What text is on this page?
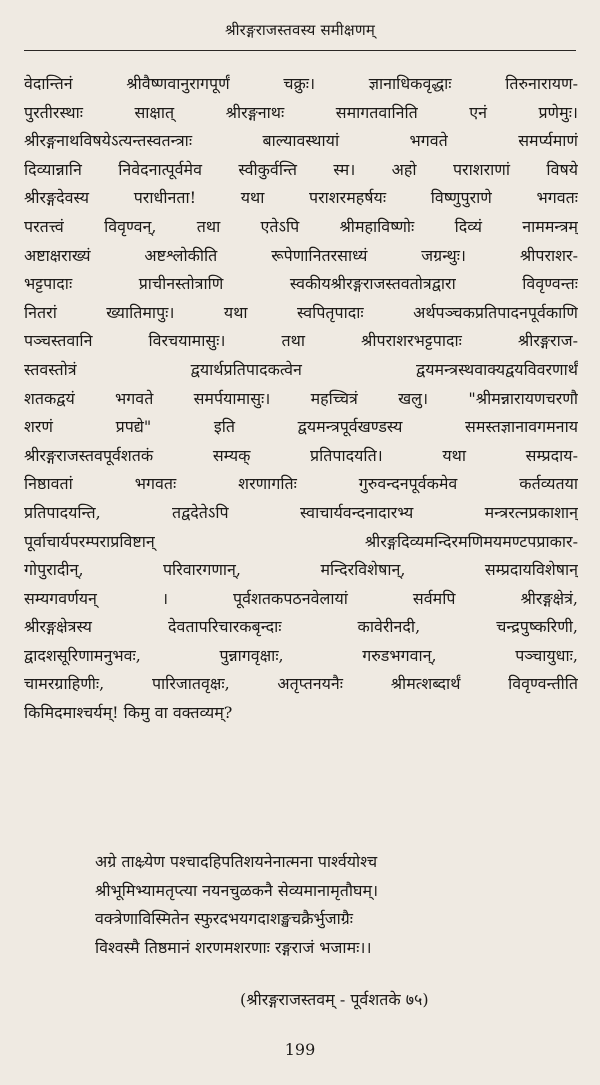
श्रीरङ्गराजस्तवस्य समीक्षणम्
वेदान्तिनं श्रीवैष्णवानुरागपूर्णं चक्रुः। ज्ञानाधिकवृद्धाः तिरुनारायण-
पुरतीरस्थाः साक्षात् श्रीरङ्गनाथः समागतवानिति एनं प्रणेमुः।
श्रीरङ्गनाथविषयेऽत्यन्तस्वतन्त्राः बाल्यावस्थायां भगवते समर्प्यमाणं
दिव्यान्नानि निवेदनात्पूर्वमेव स्वीकुर्वन्ति स्म। अहो पराशराणां विषये
श्रीरङ्गदेवस्य पराधीनता! यथा पराशरमहर्षयः विष्णुपुराणे भगवतः
परतत्त्वं विवृण्वन्, तथा एतेऽपि श्रीमहाविष्णोः दिव्यं नाममन्त्रम्
अष्टाक्षराख्यं अष्टश्लोकीति रूपेणानितरसाध्यं जग्रन्थुः। श्रीपराशर-
भट्टपादाः प्राचीनस्तोत्राणि स्वकीयश्रीरङ्गराजस्तवतोत्रद्वारा विवृण्वन्तः
नितरां ख्यातिमापुः। यथा स्वपितृपादाः अर्थपञ्चकप्रतिपादनपूर्वकाणि
पञ्चस्तवानि विरचयामासुः। तथा श्रीपराशरभट्टपादाः श्रीरङ्गराज-
स्तवस्तोत्रं द्वयार्थप्रतिपादकत्वेन द्वयमन्त्रस्थवाक्यद्वयविवरणार्थं
शतकद्वयं भगवते समर्पयामासुः। महच्चित्रं खलु। "श्रीमन्नारायणचरणौ
शरणं प्रपद्ये" इति द्वयमन्त्रपूर्वखण्डस्य समस्तज्ञानावगमनाय
श्रीरङ्गराजस्तवपूर्वशतकं सम्यक् प्रतिपादयति। यथा सम्प्रदाय-
निष्ठावतां भगवतः शरणागतिः गुरुवन्दनपूर्वकमेव कर्तव्यतया
प्रतिपादयन्ति, तद्वदेतेऽपि स्वाचार्यवन्दनादारभ्य मन्त्ररत्नप्रकाशान्
पूर्वाचार्यपरम्पराप्रविष्टान् श्रीरङ्गदिव्यमन्दिरमणिमयमण्टपप्राकार-
गोपुरादीन्, परिवारगणान्, मन्दिरविशेषान्, सम्प्रदायविशेषान्
सम्यगवर्णयन् । पूर्वशतकपठनवेलायां सर्वमपि श्रीरङ्गक्षेत्रं,
श्रीरङ्गक्षेत्रस्य देवतापरिचारकबृन्दाः कावेरीनदी, चन्द्रपुष्करिणी,
द्वादशसूरिणामनुभवः, पुन्नागवृक्षाः, गरुडभगवान्, पञ्चायुधाः,
चामरग्राहिणीः, पारिजातवृक्षः, अतृप्तनयनैः श्रीमत्शब्दार्थं विवृण्वन्तीति
किमिदमाश्चर्यम्! किमु वा वक्तव्यम्?
अग्रे ताक्ष्र्येण पश्चादहिपतिशयनेनात्मना पार्श्वयोश्च
श्रीभूमिभ्यामतृप्त्या नयनचुळकनै सेव्यमानामृतौघम्।
वक्त्रेणाविस्मितेन स्फुरदभयगदाशङ्खचक्रैर्भुजाग्रैः
विश्वस्मै तिष्ठमानं शरणमशरणाः रङ्गराजं भजामः।।
(श्रीरङ्गराजस्तवम् - पूर्वशतके ७५)
199
